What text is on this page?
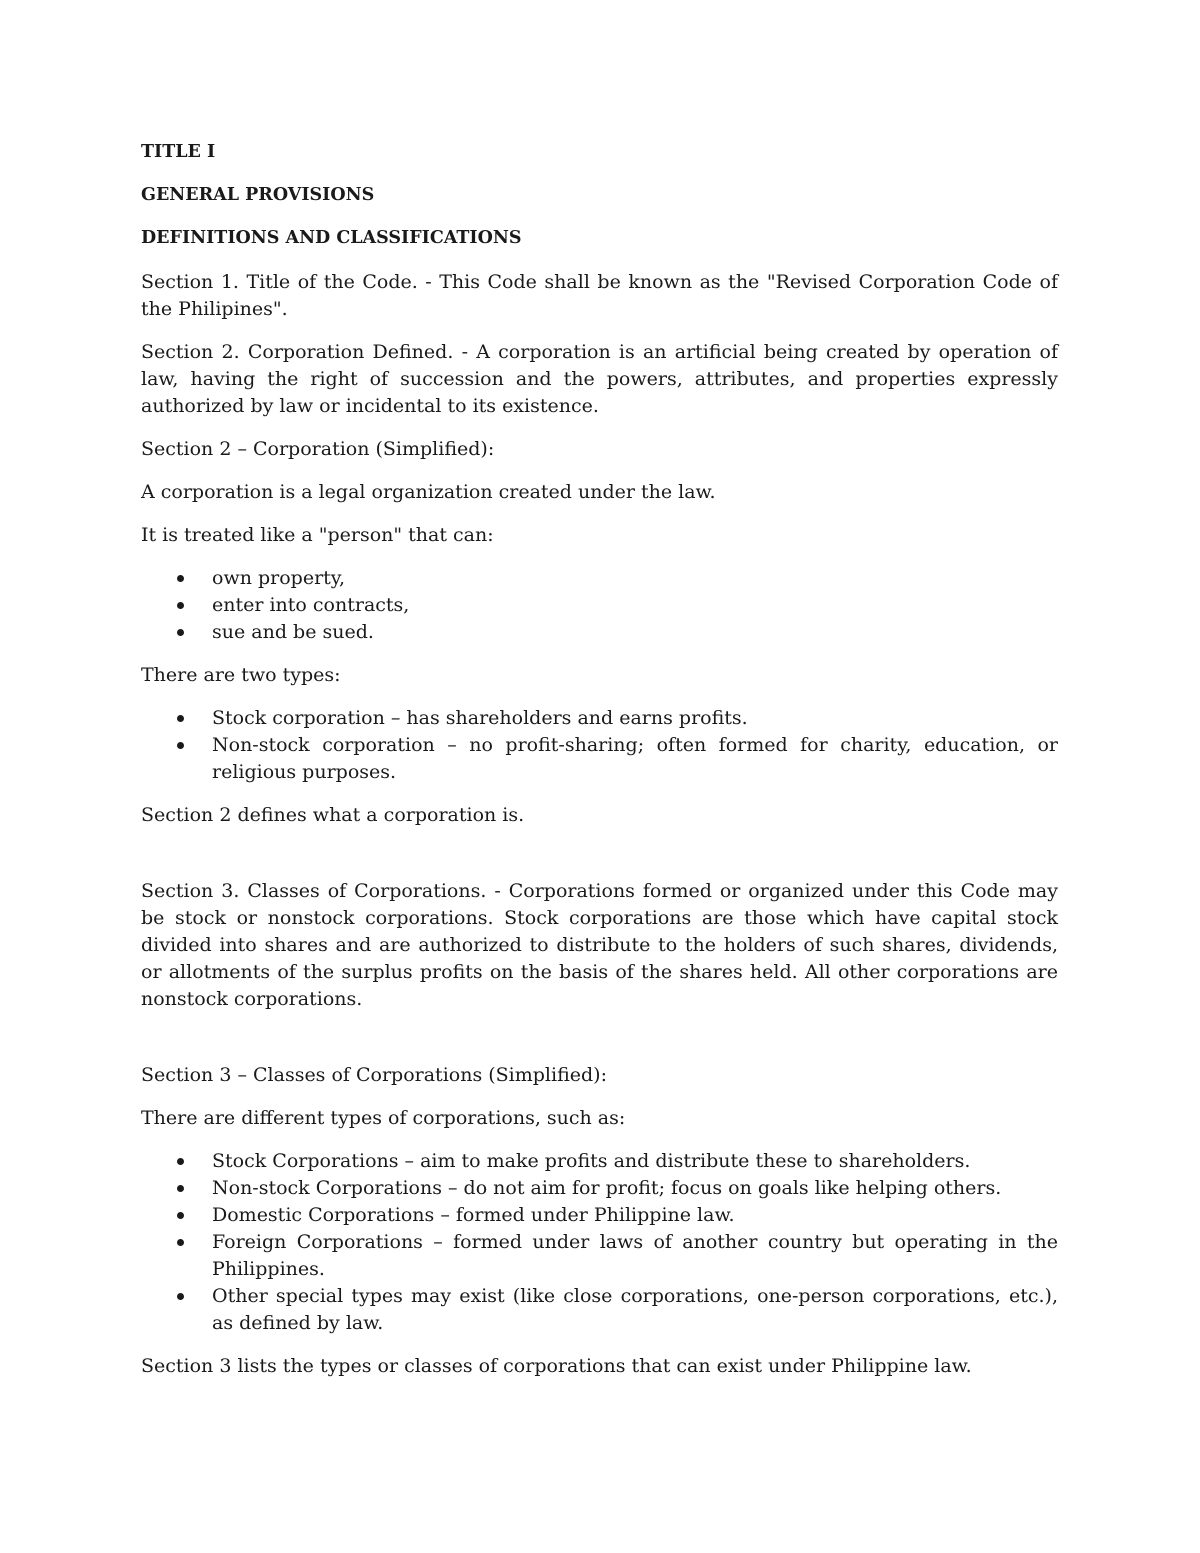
TITLE I
GENERAL PROVISIONS
DEFINITIONS AND CLASSIFICATIONS

Section 1. Title of the Code. - This Code shall be known as the "Revised Corporation Code of the Philipines".

Section 2. Corporation Defined. - A corporation is an artificial being created by operation of law, having the right of succession and the powers, attributes, and properties expressly authorized by law or incidental to its existence.

Section 2 – Corporation (Simplified):

A corporation is a legal organization created under the law.

It is treated like a "person" that can:

own property,
enter into contracts,
sue and be sued.

There are two types:

Stock corporation – has shareholders and earns profits.
Non-stock corporation – no profit-sharing; often formed for charity, education, or religious purposes.

Section 2 defines what a corporation is.

Section 3. Classes of Corporations. - Corporations formed or organized under this Code may be stock or nonstock corporations. Stock corporations are those which have capital stock divided into shares and are authorized to distribute to the holders of such shares, dividends, or allotments of the surplus profits on the basis of the shares held. All other corporations are nonstock corporations.

Section 3 – Classes of Corporations (Simplified):

There are different types of corporations, such as:

Stock Corporations – aim to make profits and distribute these to shareholders.
Non-stock Corporations – do not aim for profit; focus on goals like helping others.
Domestic Corporations – formed under Philippine law.
Foreign Corporations – formed under laws of another country but operating in the Philippines.
Other special types may exist (like close corporations, one-person corporations, etc.), as defined by law.

Section 3 lists the types or classes of corporations that can exist under Philippine law.
